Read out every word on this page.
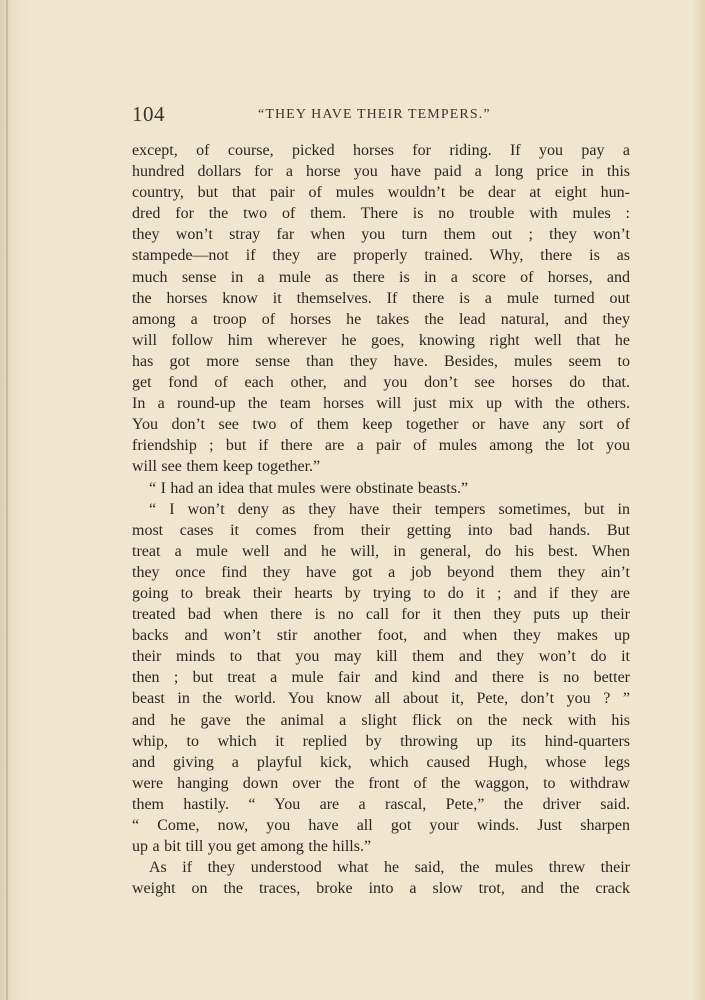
104	“THEY HAVE THEIR TEMPERS.”
except, of course, picked horses for riding. If you pay a
hundred dollars for a horse you have paid a long price in this
country, but that pair of mules wouldn’t be dear at eight hun-
dred for the two of them. There is no trouble with mules :
they won’t stray far when you turn them out ; they won’t
stampede—not if they are properly trained. Why, there is as
much sense in a mule as there is in a score of horses, and
the horses know it themselves. If there is a mule turned out
among a troop of horses he takes the lead natural, and they
will follow him wherever he goes, knowing right well that he
has got more sense than they have. Besides, mules seem to
get fond of each other, and you don’t see horses do that.
In a round-up the team horses will just mix up with the others.
You don’t see two of them keep together or have any sort of
friendship ; but if there are a pair of mules among the lot you
will see them keep together.”
“ I had an idea that mules were obstinate beasts.”
“ I won’t deny as they have their tempers sometimes, but in
most cases it comes from their getting into bad hands. But
treat a mule well and he will, in general, do his best. When
they once find they have got a job beyond them they ain’t
going to break their hearts by trying to do it ; and if they are
treated bad when there is no call for it then they puts up their
backs and won’t stir another foot, and when they makes up
their minds to that you may kill them and they won’t do it
then ; but treat a mule fair and kind and there is no better
beast in the world. You know all about it, Pete, don’t you ? ”
and he gave the animal a slight flick on the neck with his
whip, to which it replied by throwing up its hind-quarters
and giving a playful kick, which caused Hugh, whose legs
were hanging down over the front of the waggon, to withdraw
them hastily. “ You are a rascal, Pete,” the driver said.
“ Come, now, you have all got your winds. Just sharpen
up a bit till you get among the hills.”
As if they understood what he said, the mules threw their
weight on the traces, broke into a slow trot, and the crack
